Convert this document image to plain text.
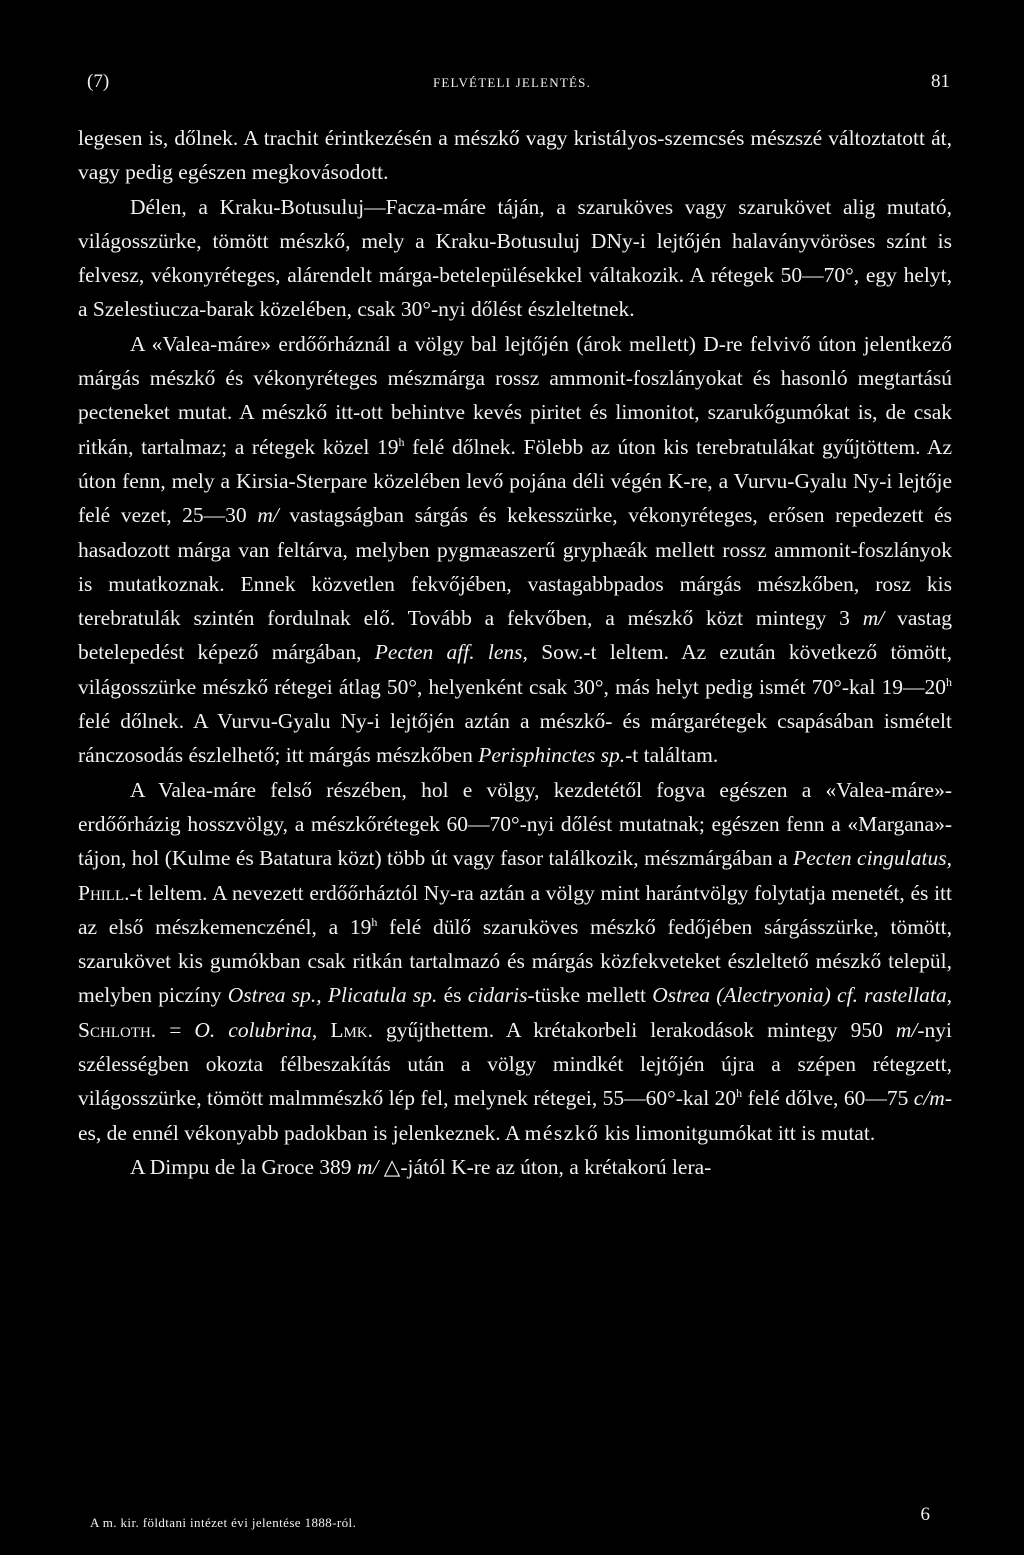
(7)	FELVÉTELI JELENTÉS.	81

legesen is, dőlnek. A trachit érintkezésén a mészkő vagy kristályos-szemcsés mészszé változtatott át, vagy pedig egészen megkovásodott.

Délen, a Kraku-Botusuluj—Facza-máre táján, a szaruköves vagy szarukövet alig mutató, világosszürke, tömött mészkő, mely a Kraku-Botusuluj DNy-i lejtőjén halaványvöröses színt is felvesz, vékonyréteges, alárendelt márga-betelepülésekkel váltakozik. A rétegek 50—70°, egy helyt, a Szelestiucza-barak közelében, csak 30°-nyi dőlést észleltetnek.

A «Valea-máre» erdőőrháznál a völgy bal lejtőjén (árok mellett) D-re felvivő úton jelentkező márgás mészkő és vékonyréteges mészmárga rossz ammonit-foszlányokat és hasonló megtartású pecteneket mutat. A mészkő itt-ott behintve kevés piritet és limonitot, szarukőgumókat is, de csak ritkán, tartalmaz; a rétegek közel 19$^h$ felé dőlnek. Fölebb az úton kis terebratulákat gyűjtöttem. Az úton fenn, mely a Kirsia-Sterpare közelében levő pojána déli végén K-re, a Vurvu-Gyalu Ny-i lejtője felé vezet, 25—30 m/ vastagságban sárgás és kekesszürke, vékonyréteges, erősen repedezett és hasadozott márga van feltárva, melyben pygmæaszerű gryphæák mellett rossz ammonit-foszlányok is mutatkoznak. Ennek közvetlen fekvőjében, vastagabbpados márgás mészkőben, rosz kis terebratulák szintén fordulnak elő. Tovább a fekvőben, a mészkő közt mintegy 3 m/ vastag betelepedést képező márgában, Pecten aff. lens, Sow.-t leltem. Az ezután következő tömött, világosszürke mészkő rétegei átlag 50°, helyenként csak 30°, más helyt pedig ismét 70°-kal 19—20$^h$ felé dőlnek. A Vurvu-Gyalu Ny-i lejtőjén aztán a mészkő- és márgarétegek csapásában ismételt ránczosodás észlelhető; itt márgás mészkőben Perisphinctes sp.-t találtam.

A Valea-máre felső részében, hol e völgy, kezdetétől fogva egészen a «Valea-máre»-erdőőrházig hosszvölgy, a mészkőrétegek 60—70°-nyi dőlést mutatnak; egészen fenn a «Margana»-tájon, hol (Kulme és Batatura közt) több út vagy fasor találkozik, mészmárgában a Pecten cingulatus, Phill.-t leltem. A nevezett erdőőrháztól Ny-ra aztán a völgy mint harántvölgy folytatja menetét, és itt az első mészkemenczénél, a 19$^h$ felé dülő szaruköves mészkő fedőjében sárgásszürke, tömött, szarukövet kis gumókban csak ritkán tartalmazó és márgás közfekveteket észleltető mészkő települ, melyben piczíny Ostrea sp., Plicatula sp. és cidaris-tüske mellett Ostrea (Alectryonia) cf. rastellata, Schloth. = O. colubrina, Lmk. gyűjthettem. A krétakorbeli lerakodások mintegy 950 m/-nyi szélességben okozta félbeszakítás után a völgy mindkét lejtőjén újra a szépen rétegzett, világosszürke, tömött malmmészkő lép fel, melynek rétegei, 55—60°-kal 20$^h$ felé dőlve, 60—75 c/m-es, de ennél vékonyabb padokban is jelenkeznek. A mészkő kis limonitgumókat itt is mutat.

A Dimpu de la Groce 389 m/ △-jától K-re az úton, a krétakorú lera-

A m. kir. földtani intézet évi jelentése 1888-ról.	6
